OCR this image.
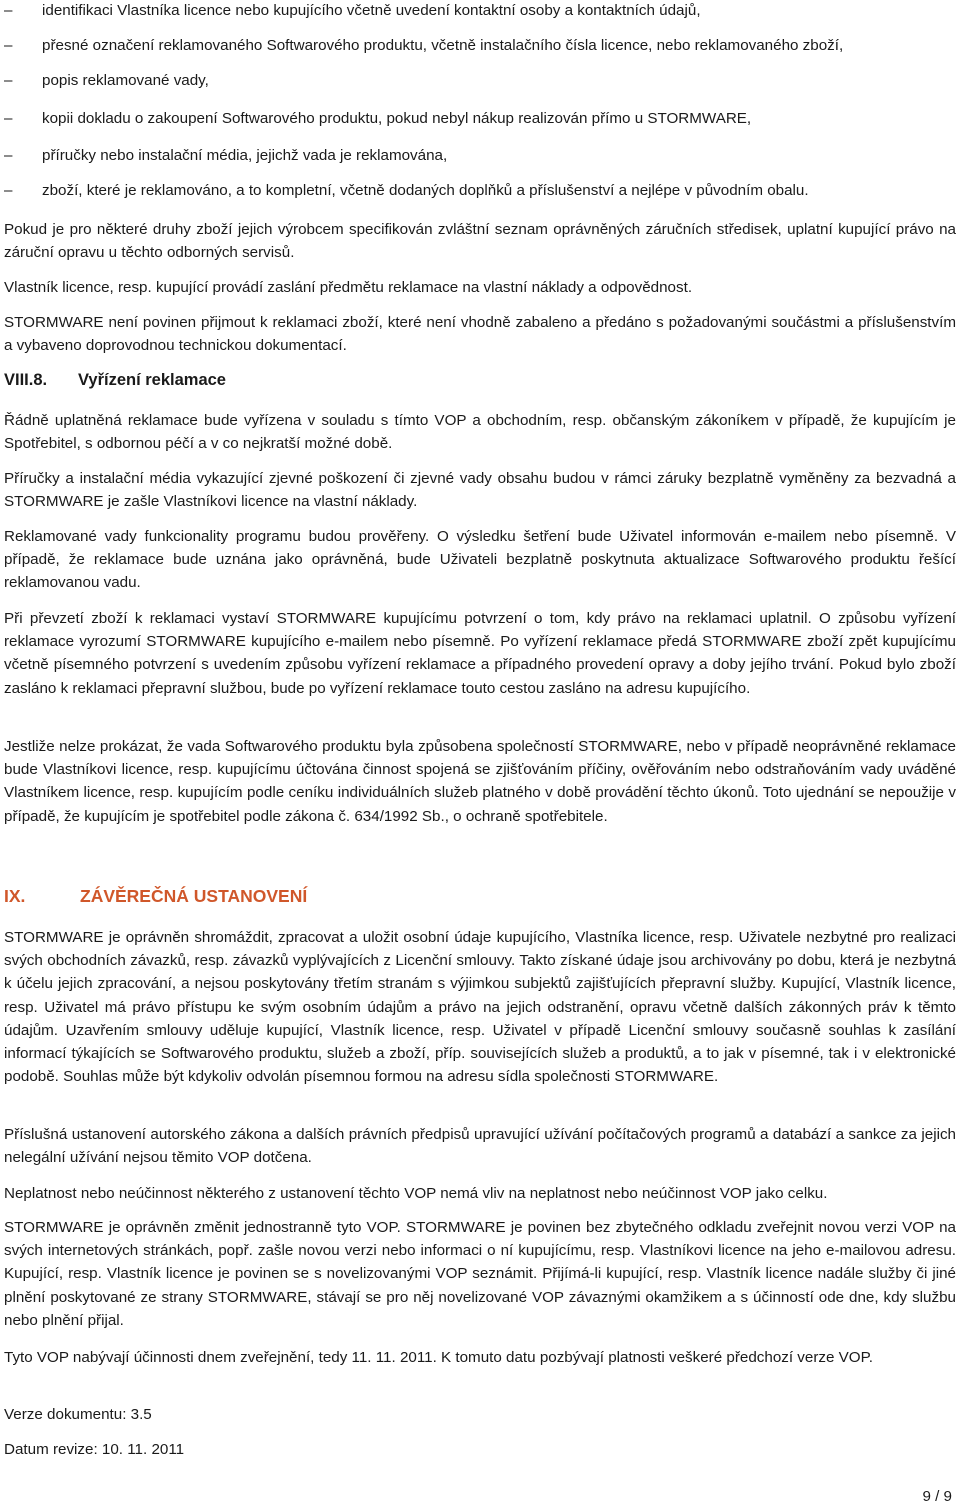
–	identifikaci Vlastníka licence nebo kupujícího včetně uvedení kontaktní osoby a kontaktních údajů,
–	přesné označení reklamovaného Softwarového produktu, včetně instalačního čísla licence, nebo reklamovaného zboží,
–	popis reklamované vady,
–	kopii dokladu o zakoupení Softwarového produktu, pokud nebyl nákup realizován přímo u STORMWARE,
–	příručky nebo instalační média, jejichž vada je reklamována,
–	zboží, které je reklamováno, a to kompletní, včetně dodaných doplňků a příslušenství a nejlépe v původním obalu.
Pokud je pro některé druhy zboží jejich výrobcem specifikován zvláštní seznam oprávněných záručních středisek, uplatní kupující právo na záruční opravu u těchto odborných servisů.
Vlastník licence, resp. kupující provádí zaslání předmětu reklamace na vlastní náklady a odpovědnost.
STORMWARE není povinen přijmout k reklamaci zboží, které není vhodně zabaleno a předáno s požadovanými součástmi a příslušenstvím a vybaveno doprovodnou technickou dokumentací.
VIII.8. Vyřízení reklamace
Řádně uplatněná reklamace bude vyřízena v souladu s tímto VOP a obchodním, resp. občanským zákoníkem v případě, že kupujícím je Spotřebitel, s odbornou péčí a v co nejkratší možné době.
Příručky a instalační média vykazující zjevné poškození či zjevné vady obsahu budou v rámci záruky bezplatně vyměněny za bezvadná a STORMWARE je zašle Vlastníkovi licence na vlastní náklady.
Reklamované vady funkcionality programu budou prověřeny. O výsledku šetření bude Uživatel informován e-mailem nebo písemně. V případě, že reklamace bude uznána jako oprávněná, bude Uživateli bezplatně poskytnuta aktualizace Softwarového produktu řešící reklamovanou vadu.
Při převzetí zboží k reklamaci vystaví STORMWARE kupujícímu potvrzení o tom, kdy právo na reklamaci uplatnil. O způsobu vyřízení reklamace vyrozumí STORMWARE kupujícího e-mailem nebo písemně. Po vyřízení reklamace předá STORMWARE zboží zpět kupujícímu včetně písemného potvrzení s uvedením způsobu vyřízení reklamace a případného provedení opravy a doby jejího trvání. Pokud bylo zboží zasláno k reklamaci přepravní službou, bude po vyřízení reklamace touto cestou zasláno na adresu kupujícího.
Jestliže nelze prokázat, že vada Softwarového produktu byla způsobena společností STORMWARE, nebo v případě neoprávněné reklamace bude Vlastníkovi licence, resp. kupujícímu účtována činnost spojená se zjišťováním příčiny, ověřováním nebo odstraňováním vady uváděné Vlastníkem licence, resp. kupujícím podle ceníku individuálních služeb platného v době provádění těchto úkonů. Toto ujednání se nepoužije v případě, že kupujícím je spotřebitel podle zákona č. 634/1992 Sb., o ochraně spotřebitele.
IX.	ZÁVĚREČNÁ USTANOVENÍ
STORMWARE je oprávněn shromáždit, zpracovat a uložit osobní údaje kupujícího, Vlastníka licence, resp. Uživatele nezbytné pro realizaci svých obchodních závazků, resp. závazků vyplývajících z Licenční smlouvy. Takto získané údaje jsou archivovány po dobu, která je nezbytná k účelu jejich zpracování, a nejsou poskytovány třetím stranám s výjimkou subjektů zajišťujících přepravní služby. Kupující, Vlastník licence, resp. Uživatel má právo přístupu ke svým osobním údajům a právo na jejich odstranění, opravu včetně dalších zákonných práv k těmto údajům. Uzavřením smlouvy uděluje kupující, Vlastník licence, resp. Uživatel v případě Licenční smlouvy současně souhlas k zasílání informací týkajících se Softwarového produktu, služeb a zboží, příp. souvisejících služeb a produktů, a to jak v písemné, tak i v elektronické podobě. Souhlas může být kdykoliv odvolán písemnou formou na adresu sídla společnosti STORMWARE.
Příslušná ustanovení autorského zákona a dalších právních předpisů upravující užívání počítačových programů a databází a sankce za jejich nelegální užívání nejsou těmito VOP dotčena.
Neplatnost nebo neúčinnost některého z ustanovení těchto VOP nemá vliv na neplatnost nebo neúčinnost VOP jako celku.
STORMWARE je oprávněn změnit jednostranně tyto VOP. STORMWARE je povinen bez zbytečného odkladu zveřejnit novou verzi VOP na svých internetových stránkách, popř. zašle novou verzi nebo informaci o ní kupujícímu, resp. Vlastníkovi licence na jeho e-mailovou adresu. Kupující, resp. Vlastník licence je povinen se s novelizovanými VOP seznámit. Přijímá-li kupující, resp. Vlastník licence nadále služby či jiné plnění poskytované ze strany STORMWARE, stávají se pro něj novelizované VOP závaznými okamžikem a s účinností ode dne, kdy službu nebo plnění přijal.
Tyto VOP nabývají účinnosti dnem zveřejnění, tedy 11. 11. 2011. K tomuto datu pozbývají platnosti veškeré předchozí verze VOP.
Verze dokumentu: 3.5
Datum revize: 10. 11. 2011
9 / 9
